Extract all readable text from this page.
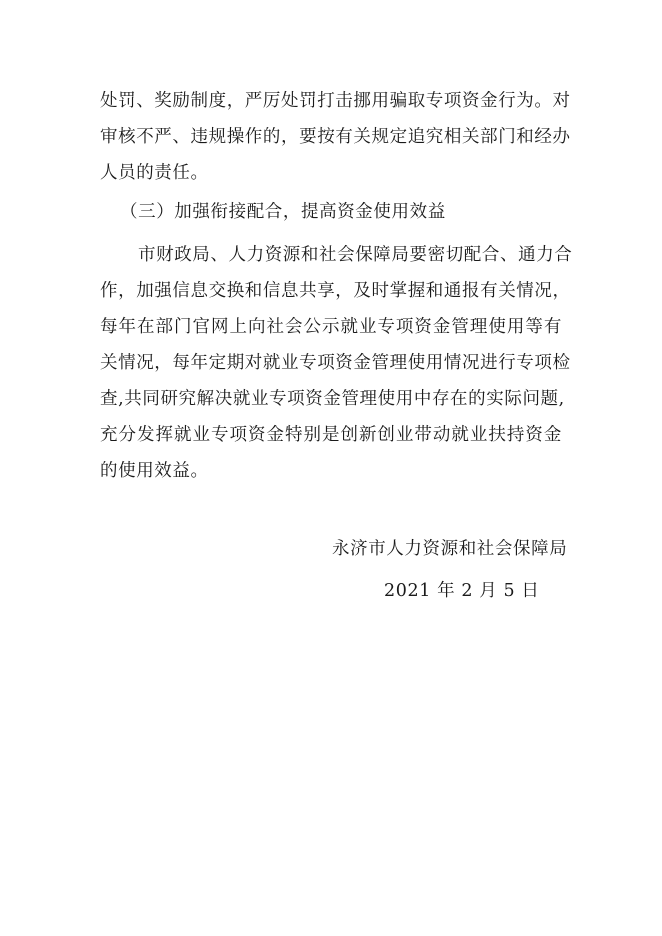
处罚、奖励制度，严厉处罚打击挪用骗取专项资金行为。对
审核不严、违规操作的，要按有关规定追究相关部门和经办
人员的责任。
（三）加强衔接配合，提高资金使用效益
市财政局、人力资源和社会保障局要密切配合、通力合
作，加强信息交换和信息共享，及时掌握和通报有关情况，
每年在部门官网上向社会公示就业专项资金管理使用等有
关情况，每年定期对就业专项资金管理使用情况进行专项检
查,共同研究解决就业专项资金管理使用中存在的实际问题,
充分发挥就业专项资金特别是创新创业带动就业扶持资金
的使用效益。
永济市人力资源和社会保障局
2021 年 2 月 5 日
